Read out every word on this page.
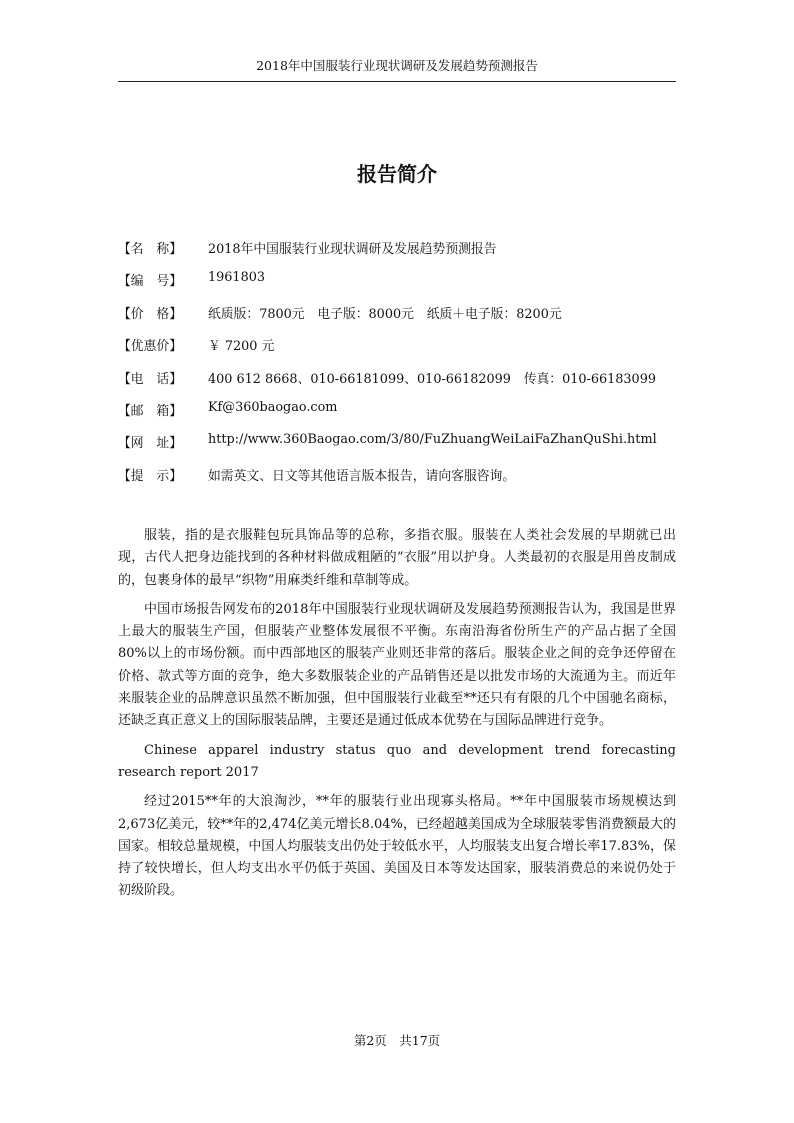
2018年中国服装行业现状调研及发展趋势预测报告
报告简介
【名　称】	2018年中国服装行业现状调研及发展趋势预测报告
【编　号】	1961803
【价　格】	纸质版：7800元　电子版：8000元　纸质＋电子版：8200元
【优惠价】	￥ 7200 元
【电　话】	400 612 8668、010-66181099、010-66182099　传真：010-66183099
【邮　箱】	Kf@360baogao.com
【网　址】	http://www.360Baogao.com/3/80/FuZhuangWeiLaiFaZhanQuShi.html
【提　示】	如需英文、日文等其他语言版本报告，请向客服咨询。

服装，指的是衣服鞋包玩具饰品等的总称，多指衣服。服装在人类社会发展的早期就已出现，古代人把身边能找到的各种材料做成粗陋的“衣服”用以护身。人类最初的衣服是用兽皮制成的，包裹身体的最早“织物”用麻类纤维和草制等成。

中国市场报告网发布的2018年中国服装行业现状调研及发展趋势预测报告认为，我国是世界上最大的服装生产国，但服装产业整体发展很不平衡。东南沿海省份所生产的产品占据了全国80%以上的市场份额。而中西部地区的服装产业则还非常的落后。服装企业之间的竞争还停留在价格、款式等方面的竞争，绝大多数服装企业的产品销售还是以批发市场的大流通为主。而近年来服装企业的品牌意识虽然不断加强，但中国服装行业截至**还只有有限的几个中国驰名商标，还缺乏真正意义上的国际服装品牌，主要还是通过低成本优势在与国际品牌进行竞争。

Chinese apparel industry status quo and development trend forecasting research report 2017

经过2015**年的大浪淘沙，**年的服装行业出现寡头格局。**年中国服装市场规模达到2,673亿美元，较**年的2,474亿美元增长8.04%，已经超越美国成为全球服装零售消费额最大的国家。相较总量规模，中国人均服装支出仍处于较低水平，人均服装支出复合增长率17.83%，保持了较快增长，但人均支出水平仍低于英国、美国及日本等发达国家，服装消费总的来说仍处于初级阶段。

第2页　共17页
